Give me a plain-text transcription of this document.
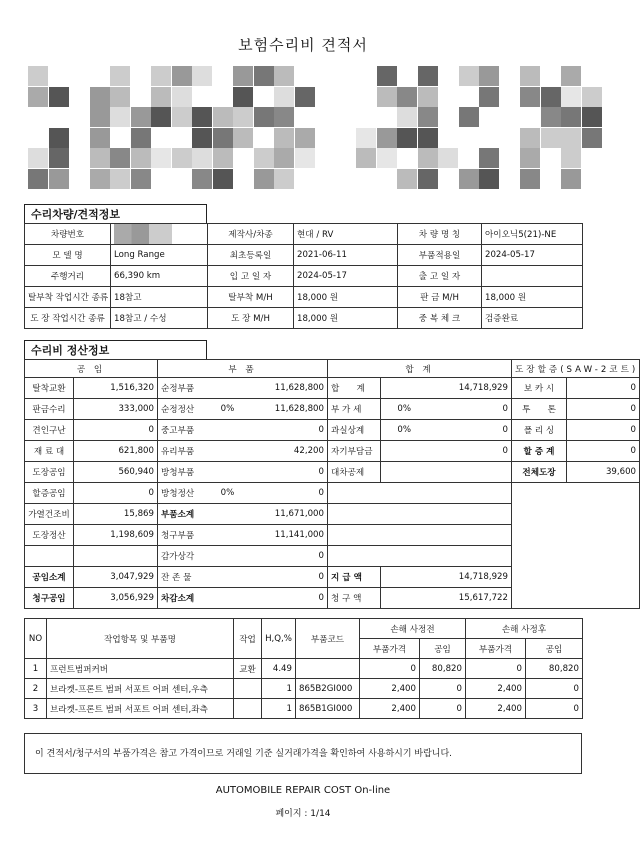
보험수리비 견적서
수리차량/견적정보
차량번호		제작사/차종	현대 / RV	차 량 명 칭	아이오닉5(21)-NE
모 델 명	Long Range	최초등록일	2021-06-11	부품적용일	2024-05-17
주행거리	66,390 km	입 고 일 자	2024-05-17	출 고 일 자	
탈부착 작업시간 종류	18참고	탈부착 M/H	18,000 원	판 금 M/H	18,000 원
도 장 작업시간 종류	18참고 / 수성	도 장 M/H	18,000 원	중 복 체 크	검증완료
수리비 정산정보
공 임		부 품			합 계			도장할증(SAW-2코트)	
탈착교환	1,516,320	순정부품		11,628,800	합　　계		14,718,929	보 카 시	0
판금수리	333,000	순정정산	0%	11,628,800	부 가 세	0%	0	투　　톤	0
견인구난	0	중고부품		0	과실상계	0%	0	폴 리 싱	0
재 료 대	621,800	유리부품		42,200	자기부담금		0	할 증 계	0
도장공임	560,940	방청부품		0	대차공제			전체도장	39,600
할증공임	0	방청정산	0%	0					
가열건조비	15,869	부품소계		11,671,000					
도장정산	1,198,609	청구부품		11,141,000					
		감가상각		0					
공임소계	3,047,929	잔 존 물		0	지 급 액		14,718,929		
청구공임	3,056,929	차감소계		0	청 구 액		15,617,722		
NO	작업항목 및 부품명	작업	H,Q,%	부품코드	손해 사정전		손해 사정후	
					부품가격	공임	부품가격	공임
1	프런트범퍼커버	교환	4.49		0	80,820	0	80,820
2	브라켓-프론트 범퍼 서포트 어퍼 센터,우측		1	865B2GI000	2,400	0	2,400	0
3	브라켓-프론트 범퍼 서포트 어퍼 센터,좌측		1	865B1GI000	2,400	0	2,400	0
이 견적서/청구서의 부품가격은 참고 가격이므로 거래일 기준 실거래가격을 확인하여 사용하시기 바랍니다.
AUTOMOBILE REPAIR COST On-line
페이지 : 1/14
